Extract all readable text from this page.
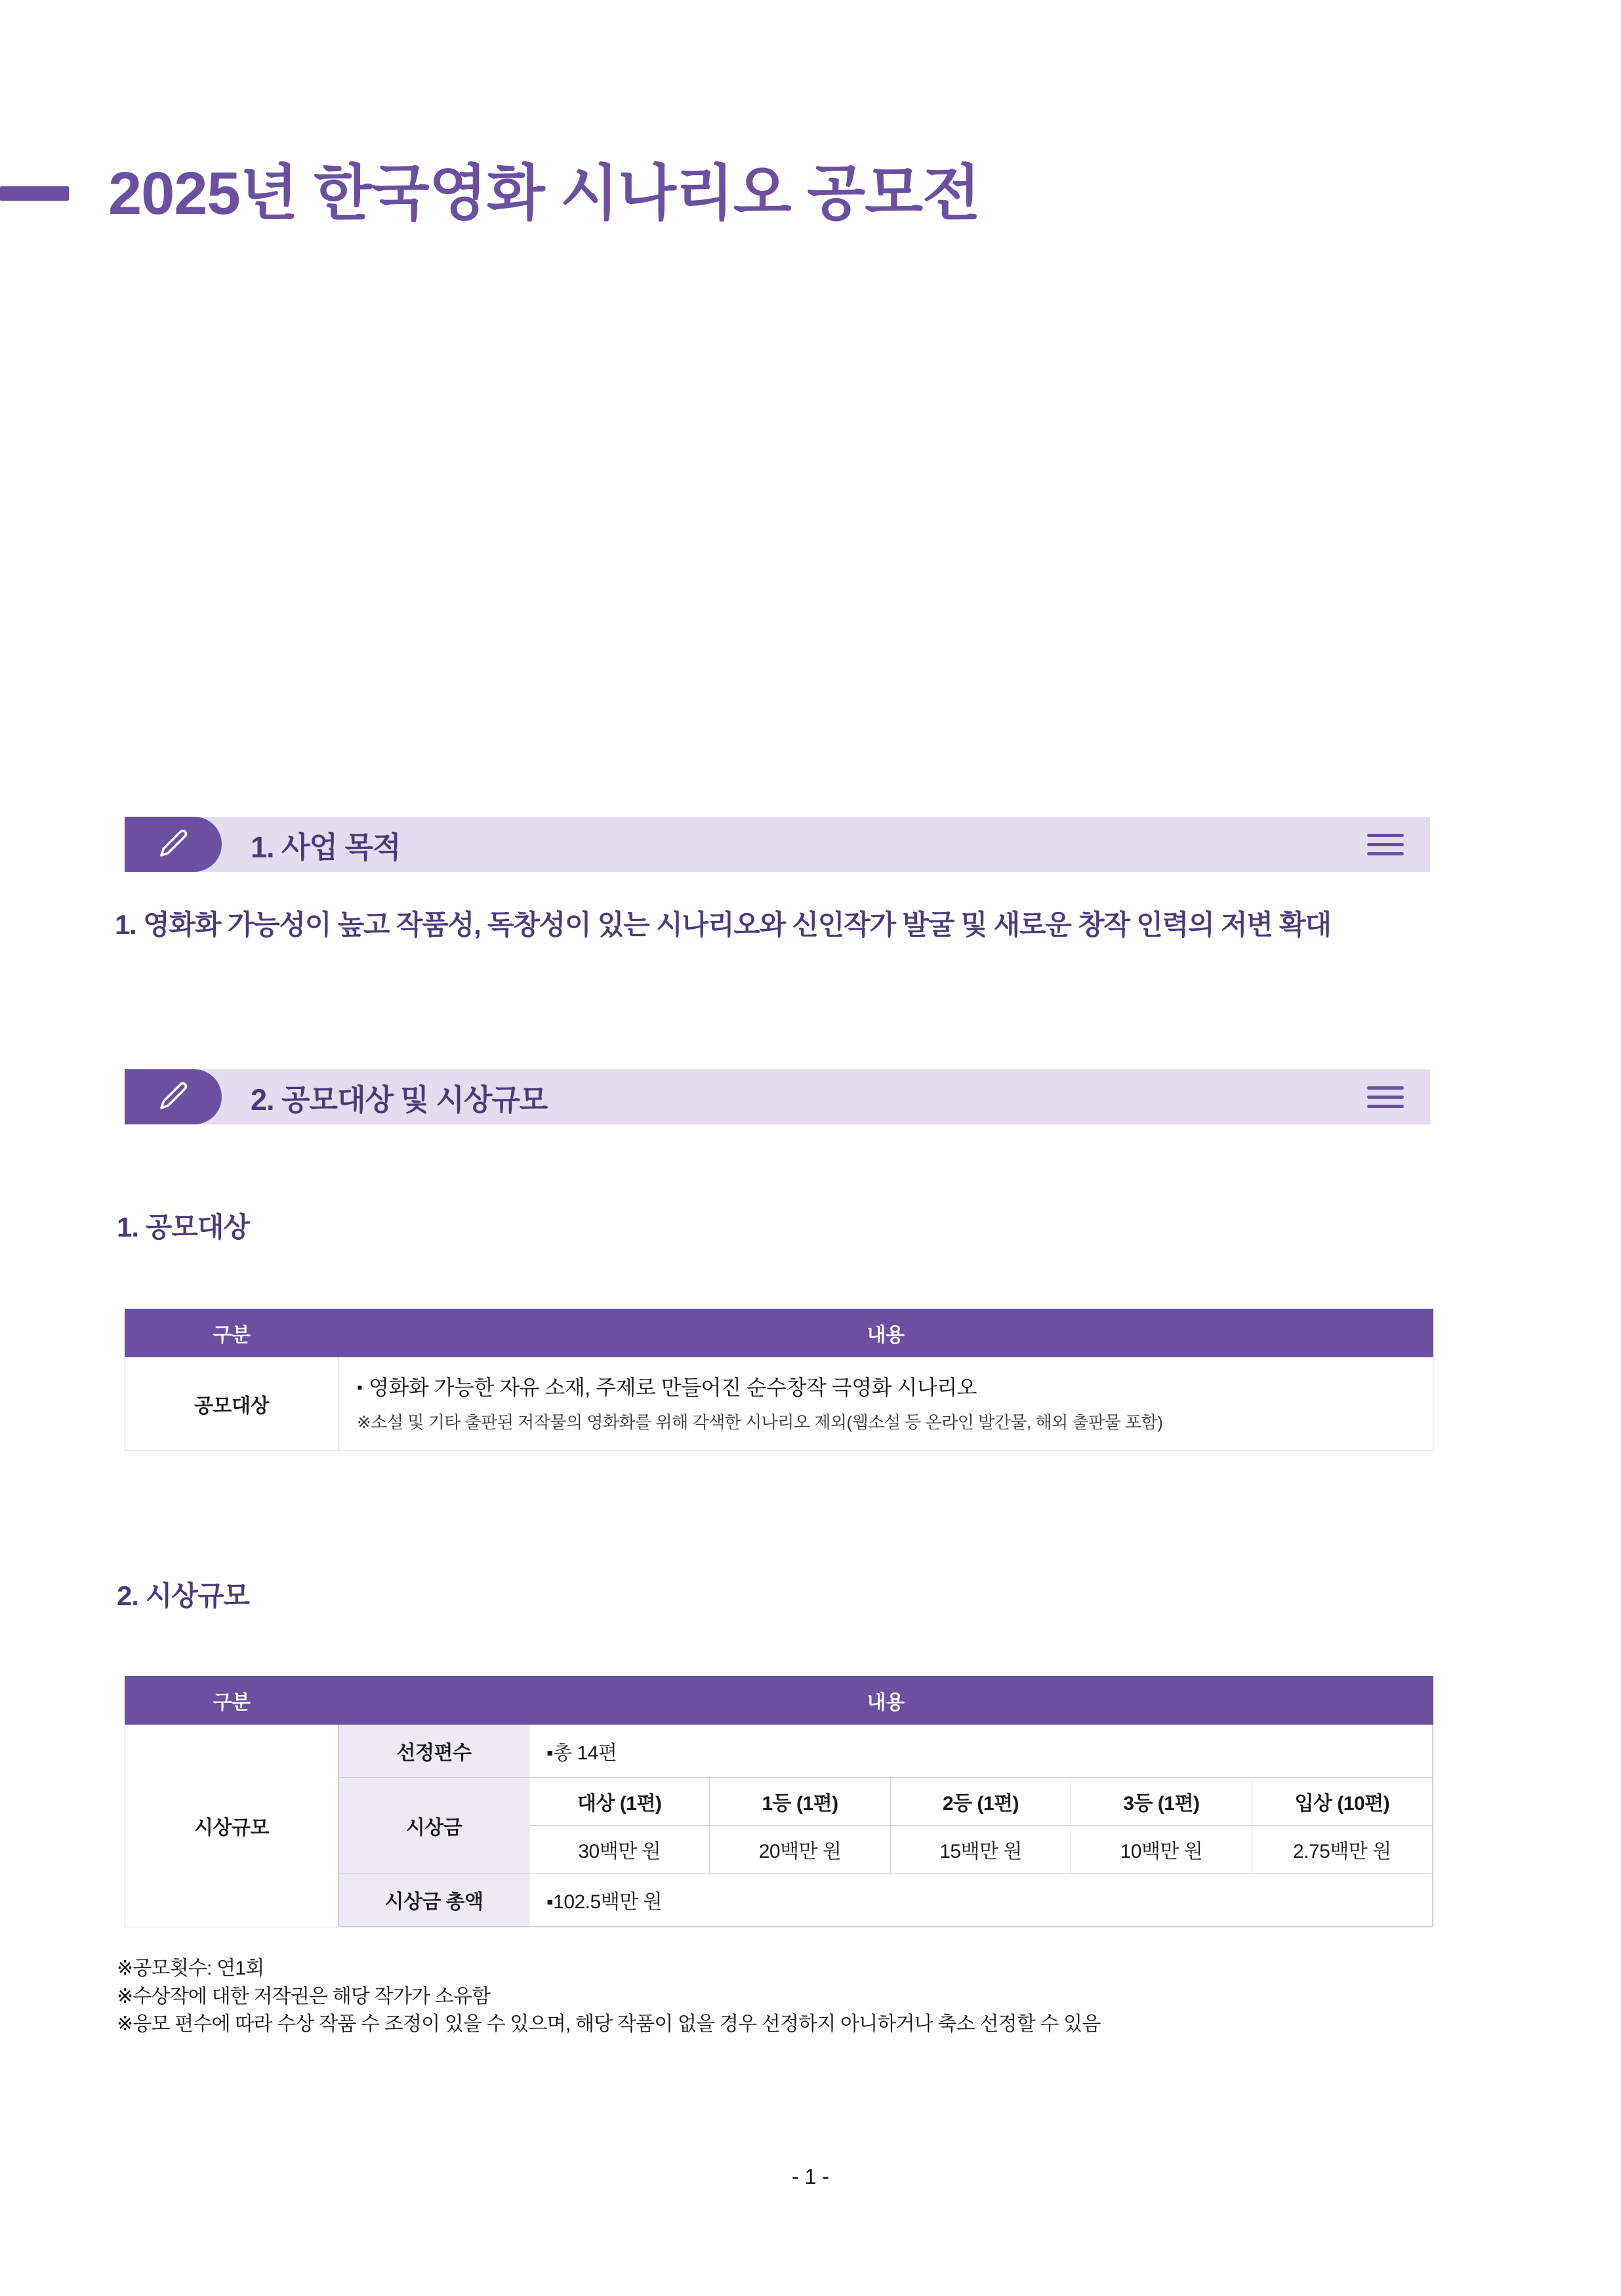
2025년 한국영화 시나리오 공모전
1. 사업 목적
1. 영화화 가능성이 높고 작품성, 독창성이 있는 시나리오와 신인작가 발굴 및 새로운 창작 인력의 저변 확대
2. 공모대상 및 시상규모
1. 공모대상
구분	내용
공모대상	▪ 영화화 가능한 자유 소재, 주제로 만들어진 순수창작 극영화 시나리오
※소설 및 기타 출판된 저작물의 영화화를 위해 각색한 시나리오 제외(웹소설 등 온라인 발간물, 해외 출판물 포함)
2. 시상규모
구분	내용
시상규모	
선정편수	▪총 14편
시상금	대상 (1편)	1등 (1편)	2등 (1편)	3등 (1편)	입상 (10편)
30백만 원	20백만 원	15백만 원	10백만 원	2.75백만 원
시상금 총액	▪102.5백만 원
※공모횟수: 연1회
※수상작에 대한 저작권은 해당 작가가 소유함
※응모 편수에 따라 수상 작품 수 조정이 있을 수 있으며, 해당 작품이 없을 경우 선정하지 아니하거나 축소 선정할 수 있음
- 1 -
